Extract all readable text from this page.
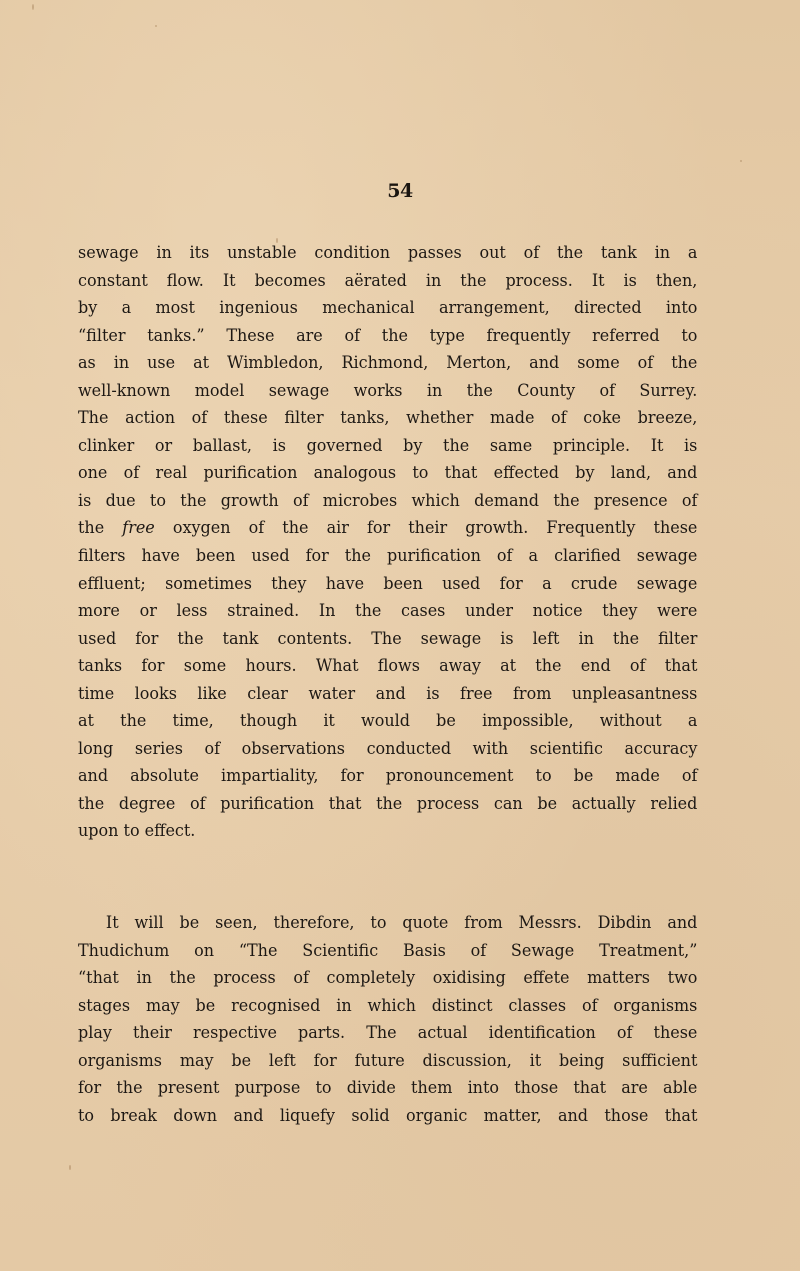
54
sewage in its unstable condition passes out of the tank in a
constant flow. It becomes aërated in the process. It is then,
by a most ingenious mechanical arrangement, directed into
“filter tanks.” These are of the type frequently referred to
as in use at Wimbledon, Richmond, Merton, and some of the
well-known model sewage works in the County of Surrey.
The action of these filter tanks, whether made of coke breeze,
clinker or ballast, is governed by the same principle. It is
one of real purification analogous to that effected by land, and
is due to the growth of microbes which demand the presence of
the free oxygen of the air for their growth. Frequently these
filters have been used for the purification of a clarified sewage
effluent; sometimes they have been used for a crude sewage
more or less strained. In the cases under notice they were
used for the tank contents. The sewage is left in the filter
tanks for some hours. What flows away at the end of that
time looks like clear water and is free from unpleasantness
at the time, though it would be impossible, without a
long series of observations conducted with scientific accuracy
and absolute impartiality, for pronouncement to be made of
the degree of purification that the process can be actually relied
upon to effect.
It will be seen, therefore, to quote from Messrs. Dibdin and
Thudichum on “The Scientific Basis of Sewage Treatment,”
“that in the process of completely oxidising effete matters two
stages may be recognised in which distinct classes of organisms
play their respective parts. The actual identification of these
organisms may be left for future discussion, it being sufficient
for the present purpose to divide them into those that are able
to break down and liquefy solid organic matter, and those that
